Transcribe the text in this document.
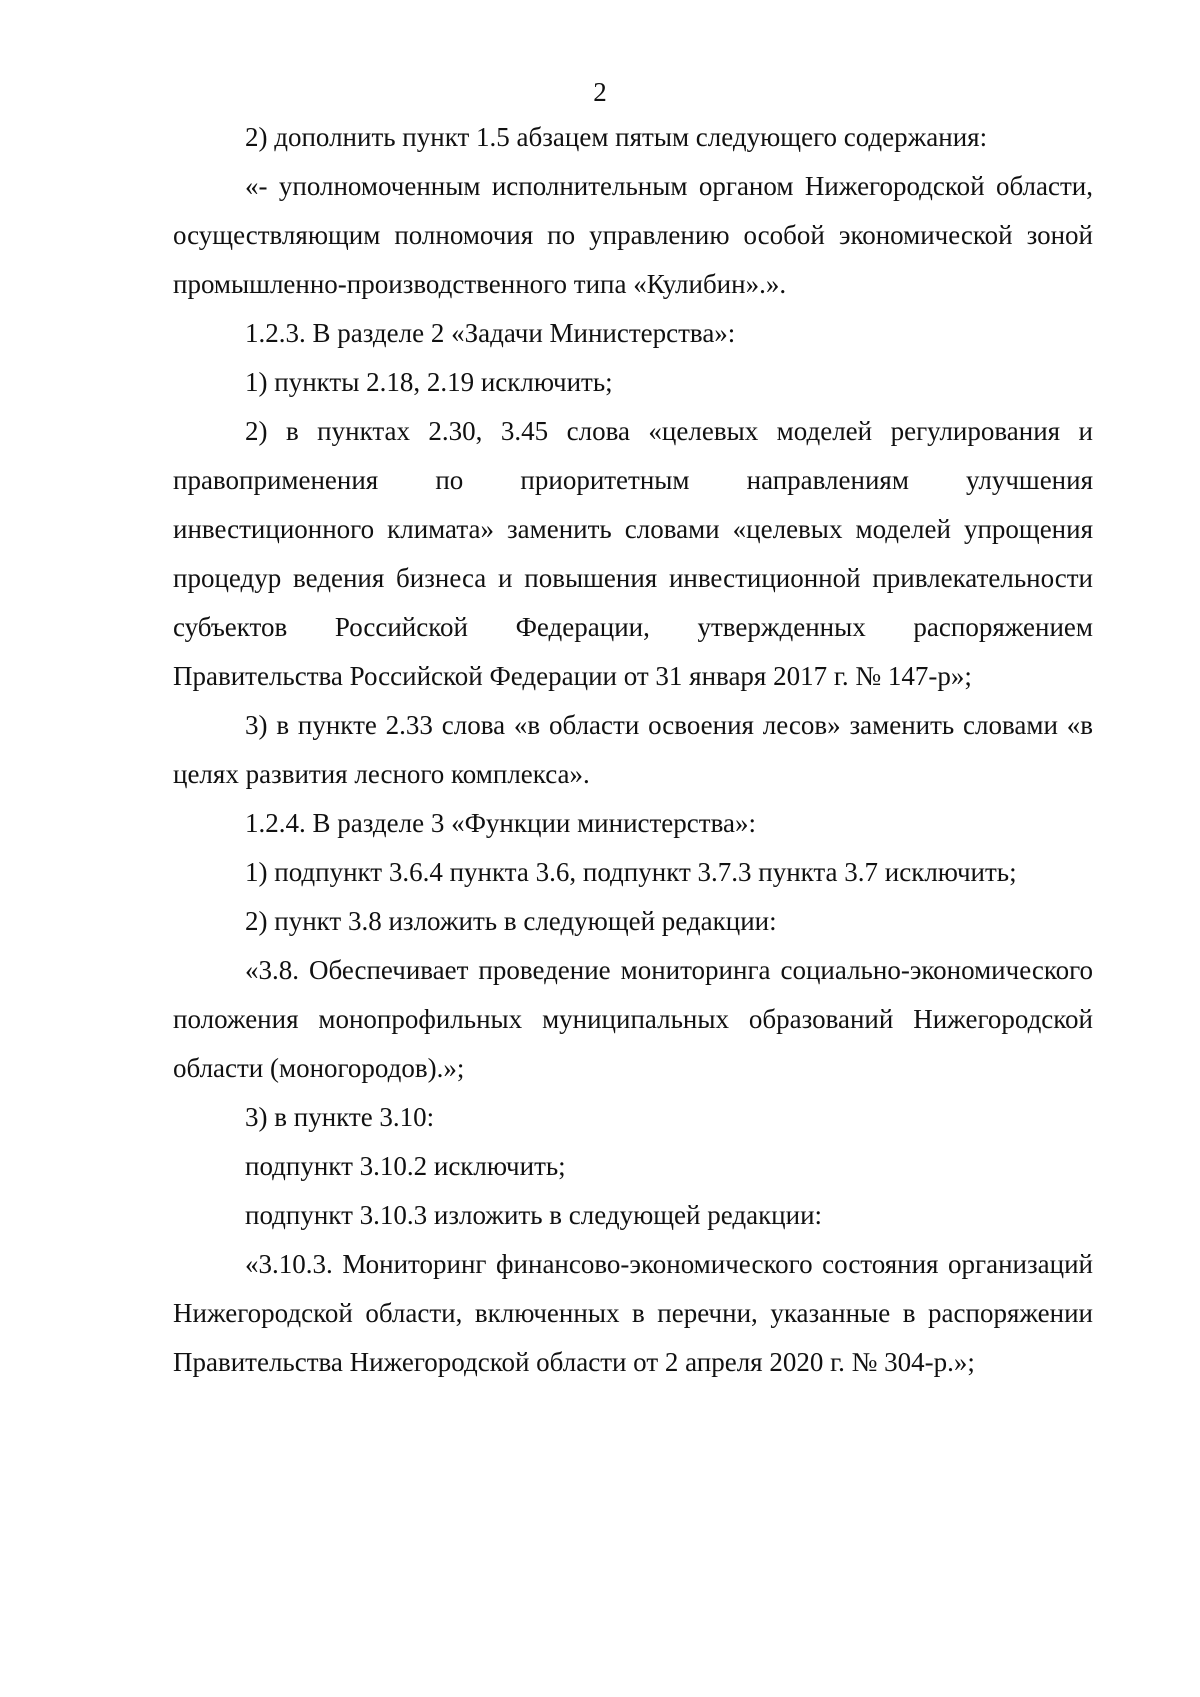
2

2) дополнить пункт 1.5 абзацем пятым следующего содержания:

«- уполномоченным исполнительным органом Нижегородской области, осуществляющим полномочия по управлению особой экономической зоной промышленно-производственного типа «Кулибин».».

1.2.3. В разделе 2 «Задачи Министерства»:

1) пункты 2.18, 2.19 исключить;

2) в пунктах 2.30, 3.45 слова «целевых моделей регулирования и правоприменения по приоритетным направлениям улучшения инвестиционного климата» заменить словами «целевых моделей упрощения процедур ведения бизнеса и повышения инвестиционной привлекательности субъектов Российской Федерации, утвержденных распоряжением Правительства Российской Федерации от 31 января 2017 г. № 147-р»;

3) в пункте 2.33 слова «в области освоения лесов» заменить словами «в целях развития лесного комплекса».

1.2.4. В разделе 3 «Функции министерства»:

1) подпункт 3.6.4 пункта 3.6, подпункт 3.7.3 пункта 3.7 исключить;

2) пункт 3.8 изложить в следующей редакции:

«3.8. Обеспечивает проведение мониторинга социально-экономического положения монопрофильных муниципальных образований Нижегородской области (моногородов).»;

3) в пункте 3.10:

подпункт 3.10.2 исключить;

подпункт 3.10.3 изложить в следующей редакции:

«3.10.3. Мониторинг финансово-экономического состояния организаций Нижегородской области, включенных в перечни, указанные в распоряжении Правительства Нижегородской области от 2 апреля 2020 г. № 304-р.»;
